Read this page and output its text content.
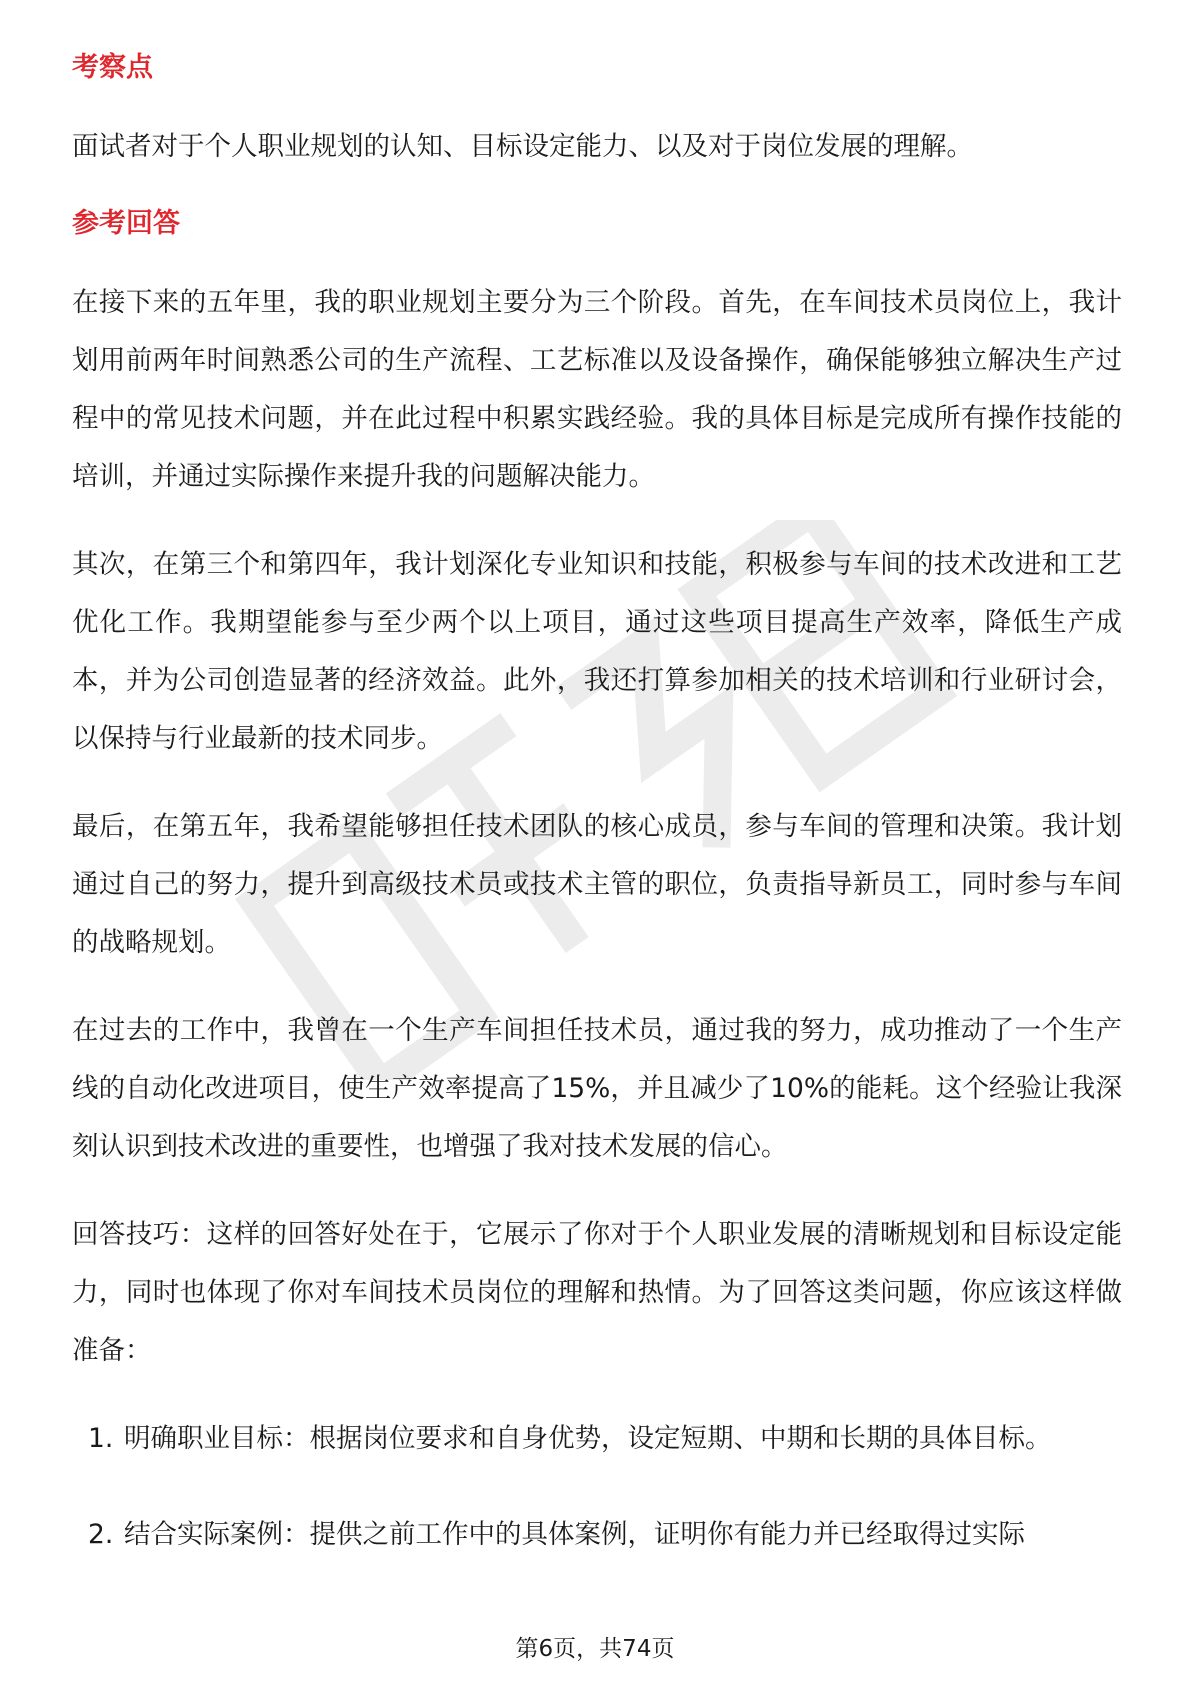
考察点

面试者对于个人职业规划的认知、目标设定能力、以及对于岗位发展的理解。

参考回答

在接下来的五年里，我的职业规划主要分为三个阶段。首先，在车间技术员岗位上，我计划用前两年时间熟悉公司的生产流程、工艺标准以及设备操作，确保能够独立解决生产过程中的常见技术问题，并在此过程中积累实践经验。我的具体目标是完成所有操作技能的培训，并通过实际操作来提升我的问题解决能力。

其次，在第三个和第四年，我计划深化专业知识和技能，积极参与车间的技术改进和工艺优化工作。我期望能参与至少两个以上项目，通过这些项目提高生产效率，降低生产成本，并为公司创造显著的经济效益。此外，我还打算参加相关的技术培训和行业研讨会，以保持与行业最新的技术同步。

最后，在第五年，我希望能够担任技术团队的核心成员，参与车间的管理和决策。我计划通过自己的努力，提升到高级技术员或技术主管的职位，负责指导新员工，同时参与车间的战略规划。

在过去的工作中，我曾在一个生产车间担任技术员，通过我的努力，成功推动了一个生产线的自动化改进项目，使生产效率提高了15%，并且减少了10%的能耗。这个经验让我深刻认识到技术改进的重要性，也增强了我对技术发展的信心。

回答技巧：这样的回答好处在于，它展示了你对于个人职业发展的清晰规划和目标设定能力，同时也体现了你对车间技术员岗位的理解和热情。为了回答这类问题，你应该这样做准备：

1. 明确职业目标：根据岗位要求和自身优势，设定短期、中期和长期的具体目标。
2. 结合实际案例：提供之前工作中的具体案例，证明你有能力并已经取得过实际
第6页，共74页
